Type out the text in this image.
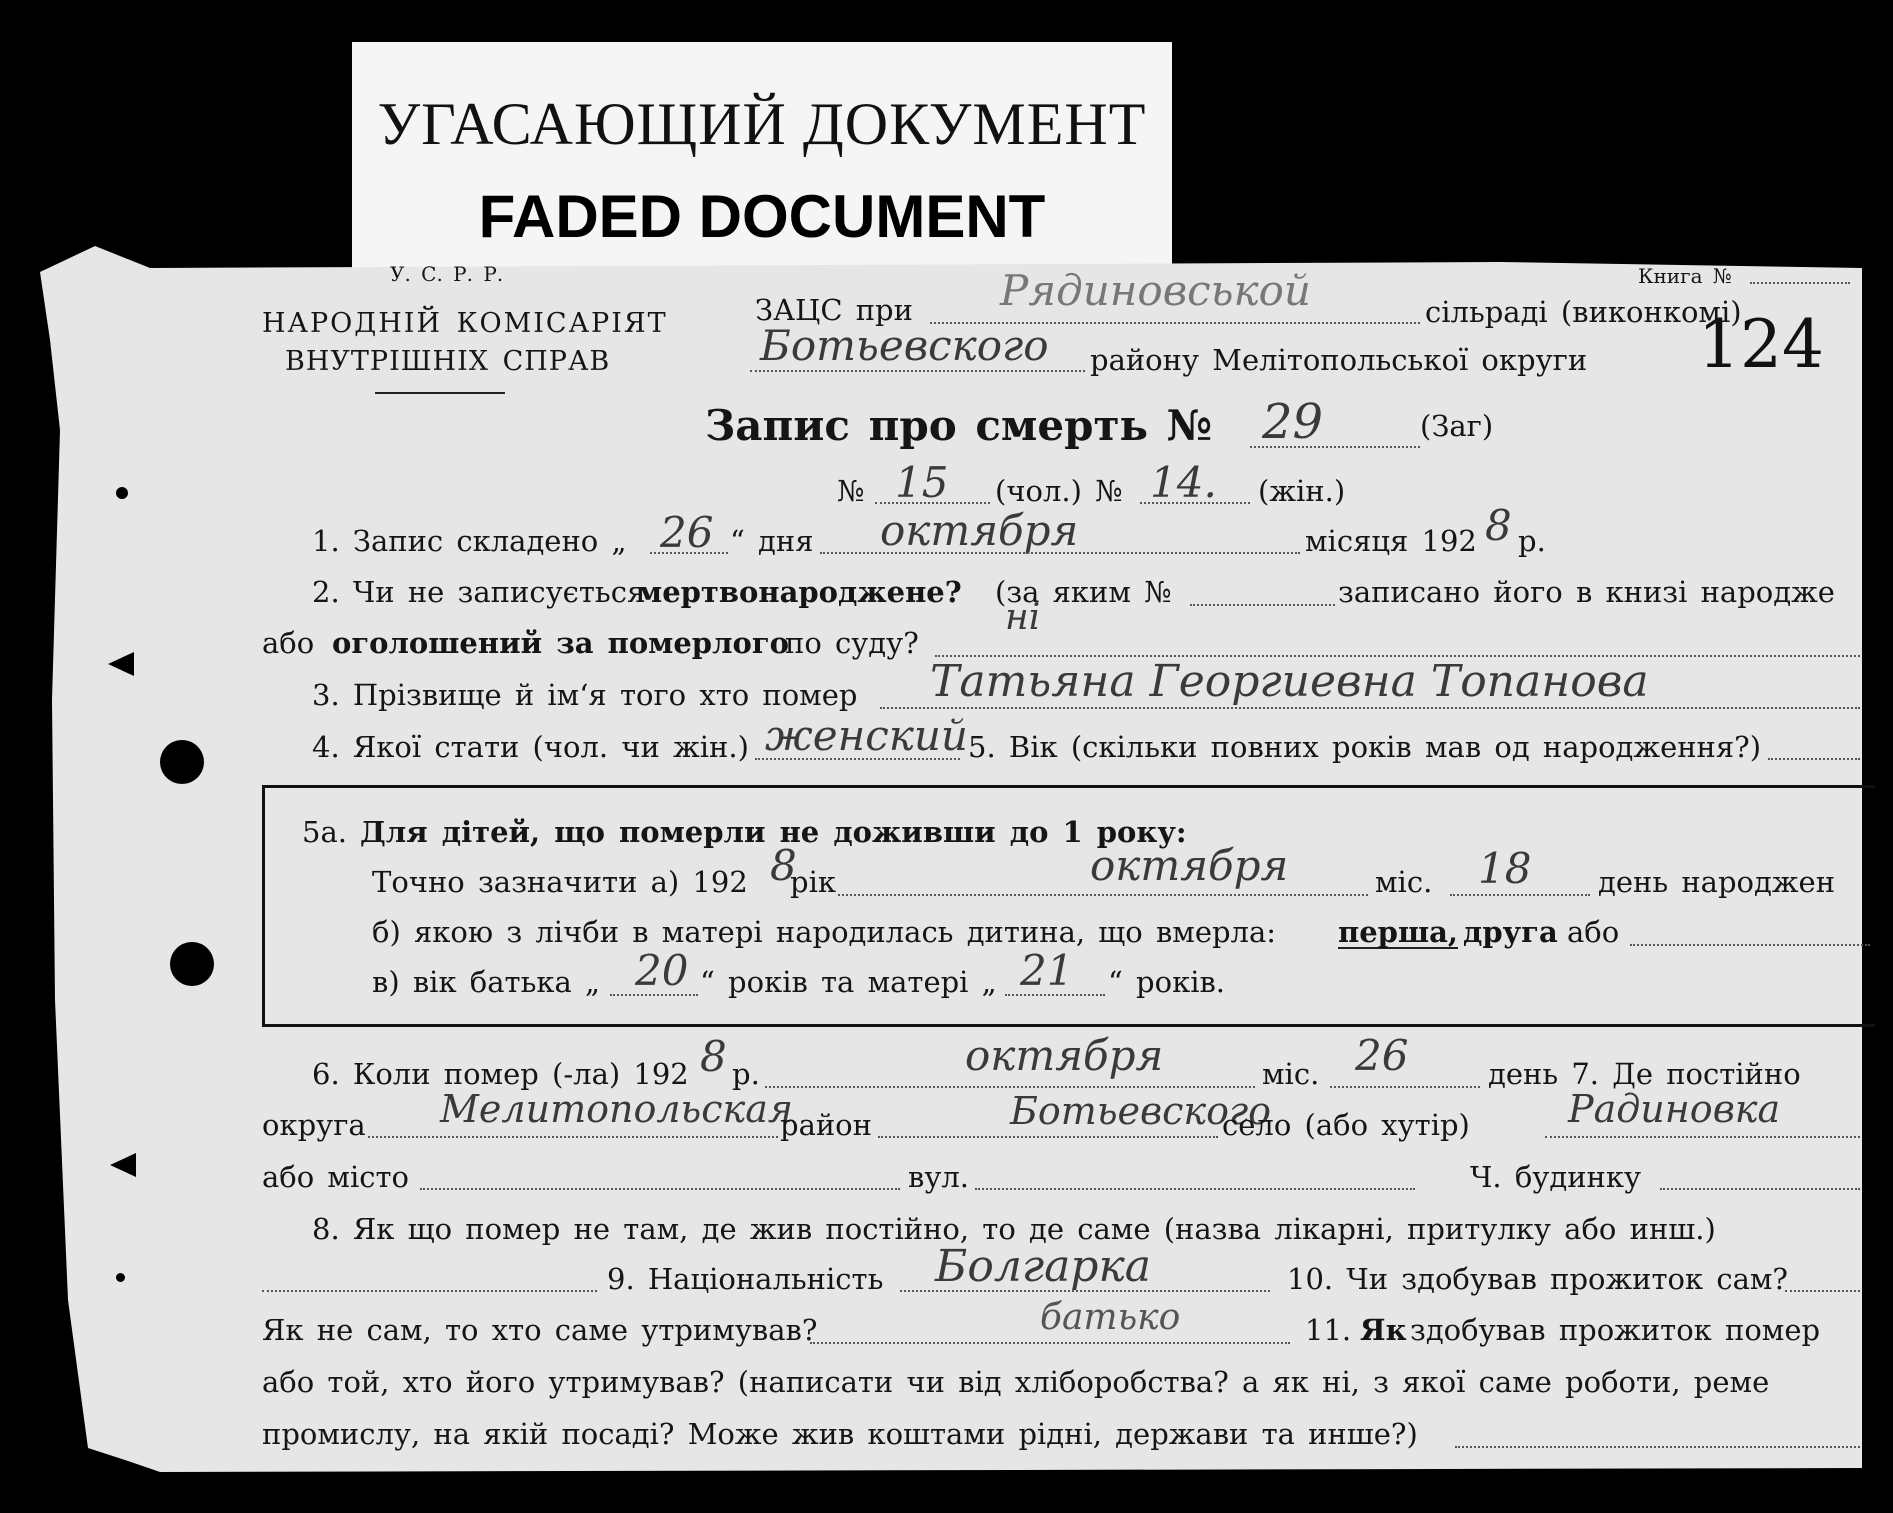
УГАСАЮЩИЙ ДОКУМЕНТ
FADED DOCUMENT
У. С. Р. Р.
НАРОДНІЙ КОМІСАРІЯТ
ВНУТРІШНІХ СПРАВ
Книга №
124
ЗАЦС при Рядиновськой	сільраді (виконкомі)
Ботьевского району Мелітопольської округи
Запис про смерть № 29	(Заг)
№ 15 (чол.) № 14. (жін.)
1. Запис складено „ 26 “ дня октября	місяця 192 8 р.
2. Чи не записується
мертвонароджене? (за яким №	записано його в книзі народже
або оголошений за померлого
по суду?
ні
3. Прізвище й ім‘я того хто помер Татьяна Георгиевна Топанова
4. Якої стати (чол. чи жін.) женский 5. Вік (скільки повних років мав од народження?)
5а. Для дітей, що померли не доживши до 1 року:
Точно зазначити а) 192 8
рік	октября	міс. 18 день народжен
б) якою з лічби в матері народилась дитина, що вмерла: перша, друга або
в) вік батька „ 20 “ років та матері „ 21 “ років.
6. Коли помер (-ла) 192 8 р.	октября	міс. 26	день 7. Де постійно
округа Мелитопольская
район	Ботьевского
село (або хутір)	Радиновка
або місто	вул.	Ч. будинку
8. Як що помер не там, де жив постійно, то де саме (назва лікарні, притулку або инш.)
9. Національність Болгарка	10. Чи здобував прожиток сам?
Як не сам, то хто саме утримував?	батько	11. Як здобував прожиток помер
або той, хто його утримував? (написати чи від хліборобства? а як ні, з якої саме роботи, реме
промислу, на якій посаді? Може жив коштами рідні, держави та инше?)
